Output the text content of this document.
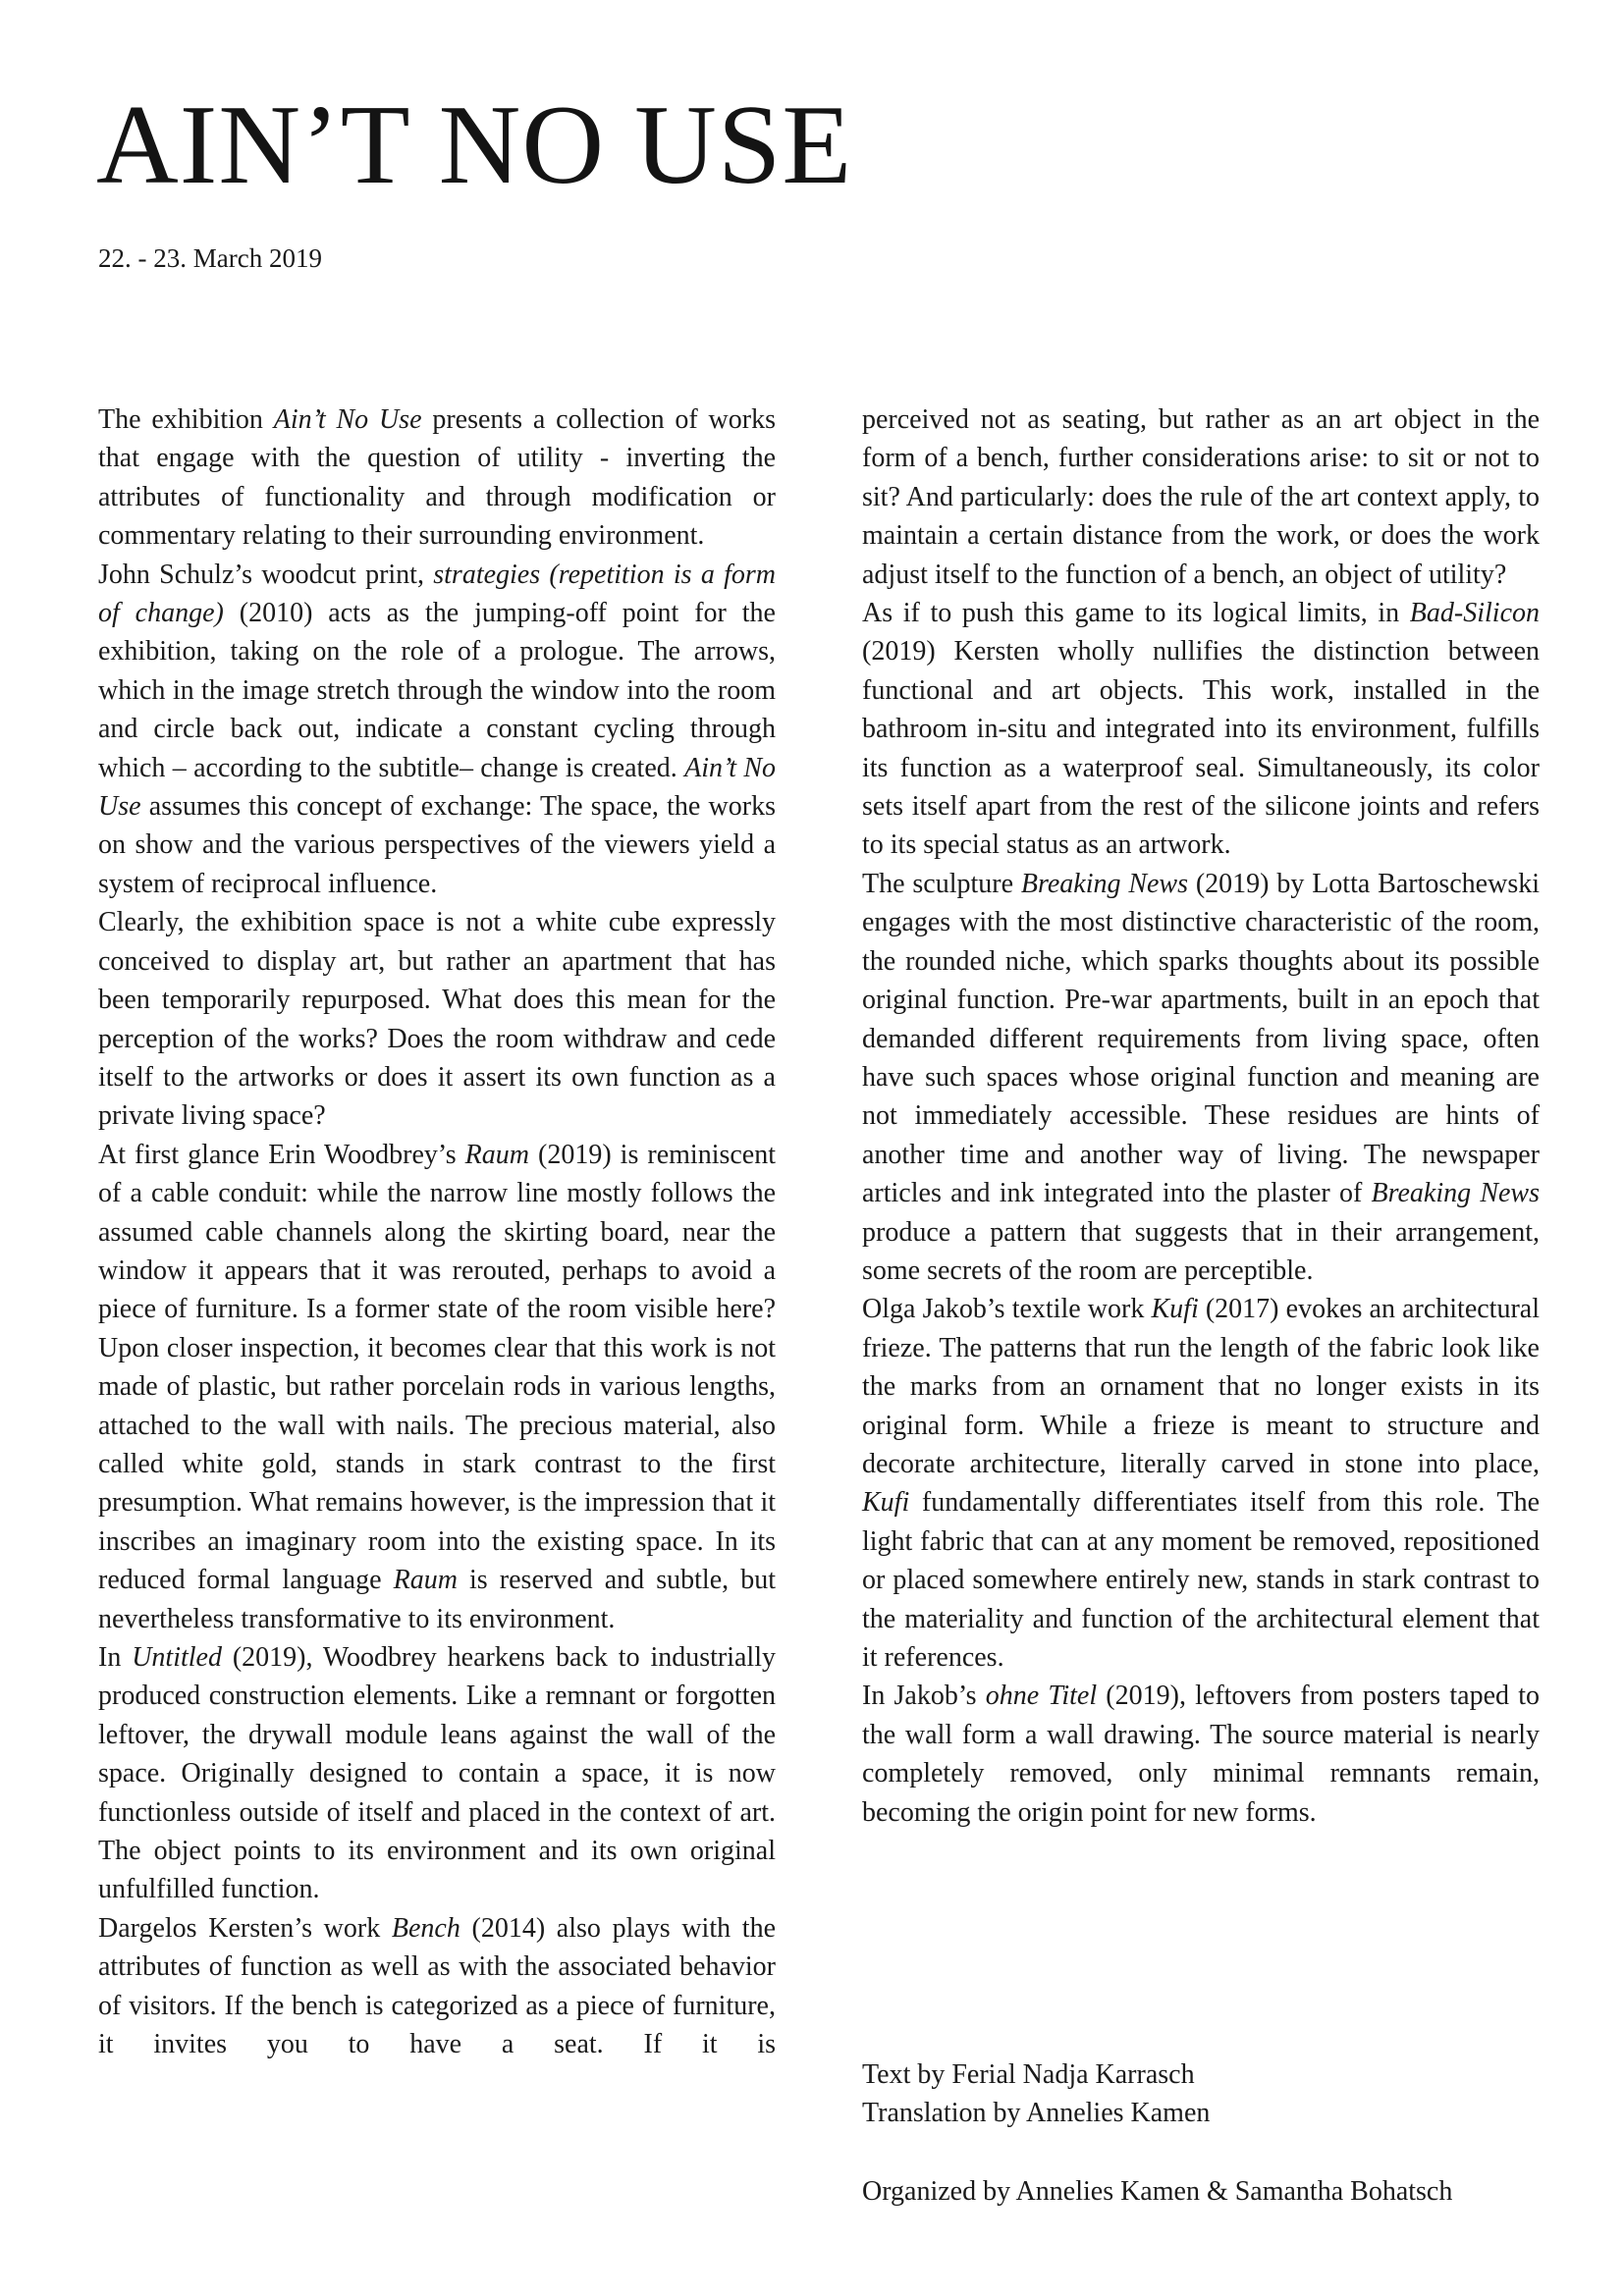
AIN’T NO USE
22. - 23. March 2019

The exhibition Ain’t No Use presents a collection of works that engage with the question of utility - inverting the attributes of functionality and through modification or commentary relating to their surrounding environment.

John Schulz’s woodcut print, strategies (repetition is a form of change) (2010) acts as the jumping-off point for the exhibition, taking on the role of a prologue. The arrows, which in the image stretch through the window into the room and circle back out, indicate a constant cycling through which – according to the subtitle– change is created. Ain’t No Use assumes this concept of exchange: The space, the works on show and the various perspectives of the viewers yield a system of reciprocal influence.

Clearly, the exhibition space is not a white cube expressly conceived to display art, but rather an apartment that has been temporarily repurposed. What does this mean for the perception of the works? Does the room withdraw and cede itself to the artworks or does it assert its own function as a private living space?

At first glance Erin Woodbrey’s Raum (2019) is reminiscent of a cable conduit: while the narrow line mostly follows the assumed cable channels along the skirting board, near the window it appears that it was rerouted, perhaps to avoid a piece of furniture. Is a former state of the room visible here? Upon closer inspection, it becomes clear that this work is not made of plastic, but rather porcelain rods in various lengths, attached to the wall with nails. The precious material, also called white gold, stands in stark contrast to the first presumption. What remains however, is the impression that it inscribes an imaginary room into the existing space. In its reduced formal language Raum is reserved and subtle, but nevertheless transformative to its environment.

In Untitled (2019), Woodbrey hearkens back to industrially produced construction elements. Like a remnant or forgotten leftover, the drywall module leans against the wall of the space. Originally designed to contain a space, it is now functionless outside of itself and placed in the context of art. The object points to its environment and its own original unfulfilled function.

Dargelos Kersten’s work Bench (2014) also plays with the attributes of function as well as with the associated behavior of visitors. If the bench is categorized as a piece of furniture, it invites you to have a seat. If it is

perceived not as seating, but rather as an art object in the form of a bench, further considerations arise: to sit or not to sit? And particularly: does the rule of the art context apply, to maintain a certain distance from the work, or does the work adjust itself to the function of a bench, an object of utility?

As if to push this game to its logical limits, in Bad-Silicon (2019) Kersten wholly nullifies the distinction between functional and art objects. This work, installed in the bathroom in-situ and integrated into its environment, fulfills its function as a waterproof seal. Simultaneously, its color sets itself apart from the rest of the silicone joints and refers to its special status as an artwork.

The sculpture Breaking News (2019) by Lotta Bartoschewski engages with the most distinctive characteristic of the room, the rounded niche, which sparks thoughts about its possible original function. Pre-war apartments, built in an epoch that demanded different requirements from living space, often have such spaces whose original function and meaning are not immediately accessible. These residues are hints of another time and another way of living. The newspaper articles and ink integrated into the plaster of Breaking News produce a pattern that suggests that in their arrangement, some secrets of the room are perceptible.

Olga Jakob’s textile work Kufi (2017) evokes an architectural frieze. The patterns that run the length of the fabric look like the marks from an ornament that no longer exists in its original form. While a frieze is meant to structure and decorate architecture, literally carved in stone into place, Kufi fundamentally differentiates itself from this role. The light fabric that can at any moment be removed, repositioned or placed somewhere entirely new, stands in stark contrast to the materiality and function of the architectural element that it references.

In Jakob’s ohne Titel (2019), leftovers from posters taped to the wall form a wall drawing. The source material is nearly completely removed, only minimal remnants remain, becoming the origin point for new forms.

Text by Ferial Nadja Karrasch
Translation by Annelies Kamen
Organized by Annelies Kamen & Samantha Bohatsch
